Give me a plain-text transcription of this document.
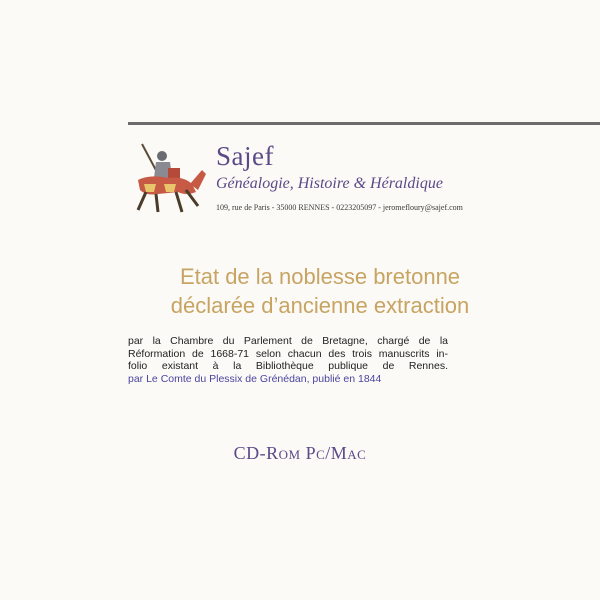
Sajef
Généalogie, Histoire & Héraldique
109, rue de Paris - 35000 RENNES - 0223205097 - jeromefloury@sajef.com
Etat de la noblesse bretonne
déclarée d’ancienne extraction
par la Chambre du Parlement de Bretagne, chargé de la
Réformation de 1668-71 selon chacun des trois manuscrits in-
folio existant à la Bibliothèque publique de Rennes.
par Le Comte du Plessix de Grénédan, publié en 1844
CD-Rom Pc/Mac
